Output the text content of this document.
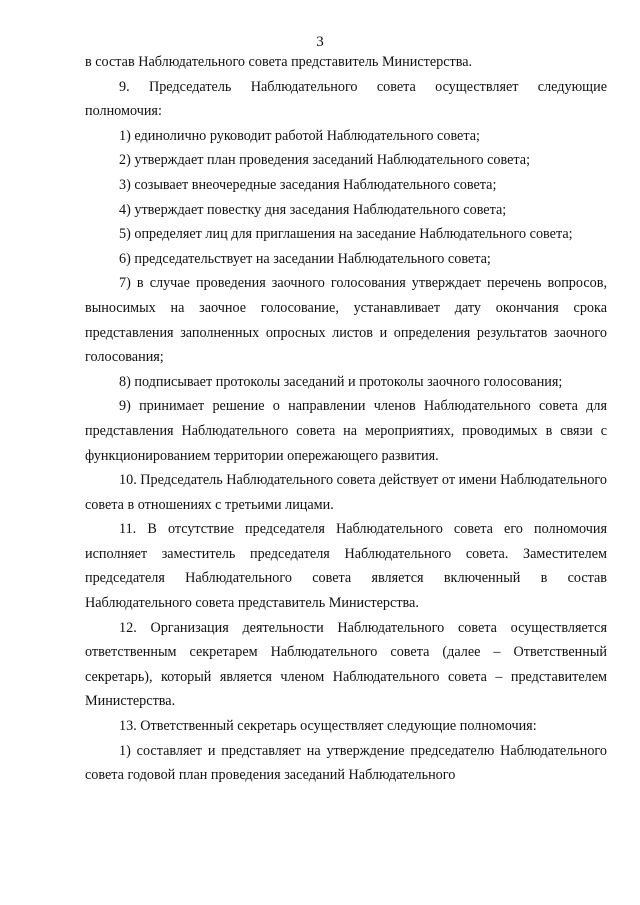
3

в состав Наблюдательного совета представитель Министерства.

9. Председатель Наблюдательного совета осуществляет следующие полномочия:

1) единолично руководит работой Наблюдательного совета;

2) утверждает план проведения заседаний Наблюдательного совета;

3) созывает внеочередные заседания Наблюдательного совета;

4) утверждает повестку дня заседания Наблюдательного совета;

5) определяет лиц для приглашения на заседание Наблюдательного совета;

6) председательствует на заседании Наблюдательного совета;

7) в случае проведения заочного голосования утверждает перечень вопросов, выносимых на заочное голосование, устанавливает дату окончания срока представления заполненных опросных листов и определения результатов заочного голосования;

8) подписывает протоколы заседаний и протоколы заочного голосования;

9) принимает решение о направлении членов Наблюдательного совета для представления Наблюдательного совета на мероприятиях, проводимых в связи с функционированием территории опережающего развития.

10. Председатель Наблюдательного совета действует от имени Наблюдательного совета в отношениях с третьими лицами.

11. В отсутствие председателя Наблюдательного совета его полномочия исполняет заместитель председателя Наблюдательного совета. Заместителем председателя Наблюдательного совета является включенный в состав Наблюдательного совета представитель Министерства.

12. Организация деятельности Наблюдательного совета осуществляется ответственным секретарем Наблюдательного совета (далее – Ответственный секретарь), который является членом Наблюдательного совета – представителем Министерства.

13. Ответственный секретарь осуществляет следующие полномочия:

1) составляет и представляет на утверждение председателю Наблюдательного совета годовой план проведения заседаний Наблюдательного
